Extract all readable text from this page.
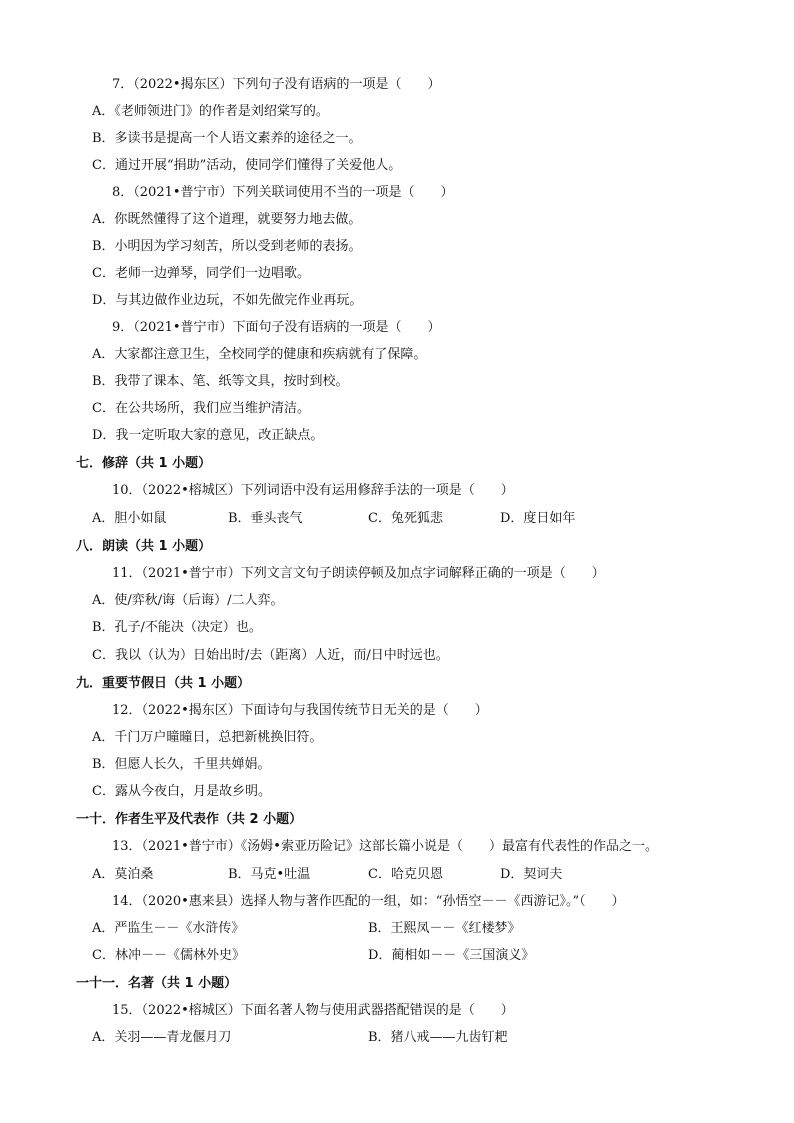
7．（2022•揭东区）下列句子没有语病的一项是（　　）
A．《老师领进门》的作者是刘绍棠写的。
B．多读书是提高一个人语文素养的途径之一。
C．通过开展“捐助”活动，使同学们懂得了关爱他人。
8．（2021•普宁市）下列关联词使用不当的一项是（　　）
A．你既然懂得了这个道理，就要努力地去做。
B．小明因为学习刻苦，所以受到老师的表扬。
C．老师一边弹琴，同学们一边唱歌。
D．与其边做作业边玩，不如先做完作业再玩。
9．（2021•普宁市）下面句子没有语病的一项是（　　）
A．大家都注意卫生，全校同学的健康和疾病就有了保障。
B．我带了课本、笔、纸等文具，按时到校。
C．在公共场所，我们应当维护清洁。
D．我一定听取大家的意见，改正缺点。
七．修辞（共 1 小题）
10．（2022•榕城区）下列词语中没有运用修辞手法的一项是（　　）
A．胆小如鼠	B．垂头丧气	C．兔死狐悲	D．度日如年
八．朗读（共 1 小题）
11．（2021•普宁市）下列文言文句子朗读停顿及加点字词解释正确的一项是（　　）
A．使/弈秋/诲（后诲）/二人弈。
B．孔子/不能决（决定）也。
C．我以（认为）日始出时/去（距离）人近，而/日中时远也。
九．重要节假日（共 1 小题）
12．（2022•揭东区）下面诗句与我国传统节日无关的是（　　）
A．千门万户曈曈日，总把新桃换旧符。
B．但愿人长久，千里共婵娟。
C．露从今夜白，月是故乡明。
一十．作者生平及代表作（共 2 小题）
13．（2021•普宁市）《汤姆•索亚历险记》这部长篇小说是（　　）最富有代表性的作品之一。
A．莫泊桑	B．马克•吐温	C．哈克贝恩	D．契诃夫
14．（2020•惠来县）选择人物与著作匹配的一组，如：“孙悟空－－《西游记》。”（　　）
A．严监生－－《水浒传》	B．王熙凤－－《红楼梦》
C．林冲－－《儒林外史》	D．蔺相如－－《三国演义》
一十一．名著（共 1 小题）
15．（2022•榕城区）下面名著人物与使用武器搭配错误的是（　　）
A．关羽——青龙偃月刀	B．猪八戒——九齿钉耙
